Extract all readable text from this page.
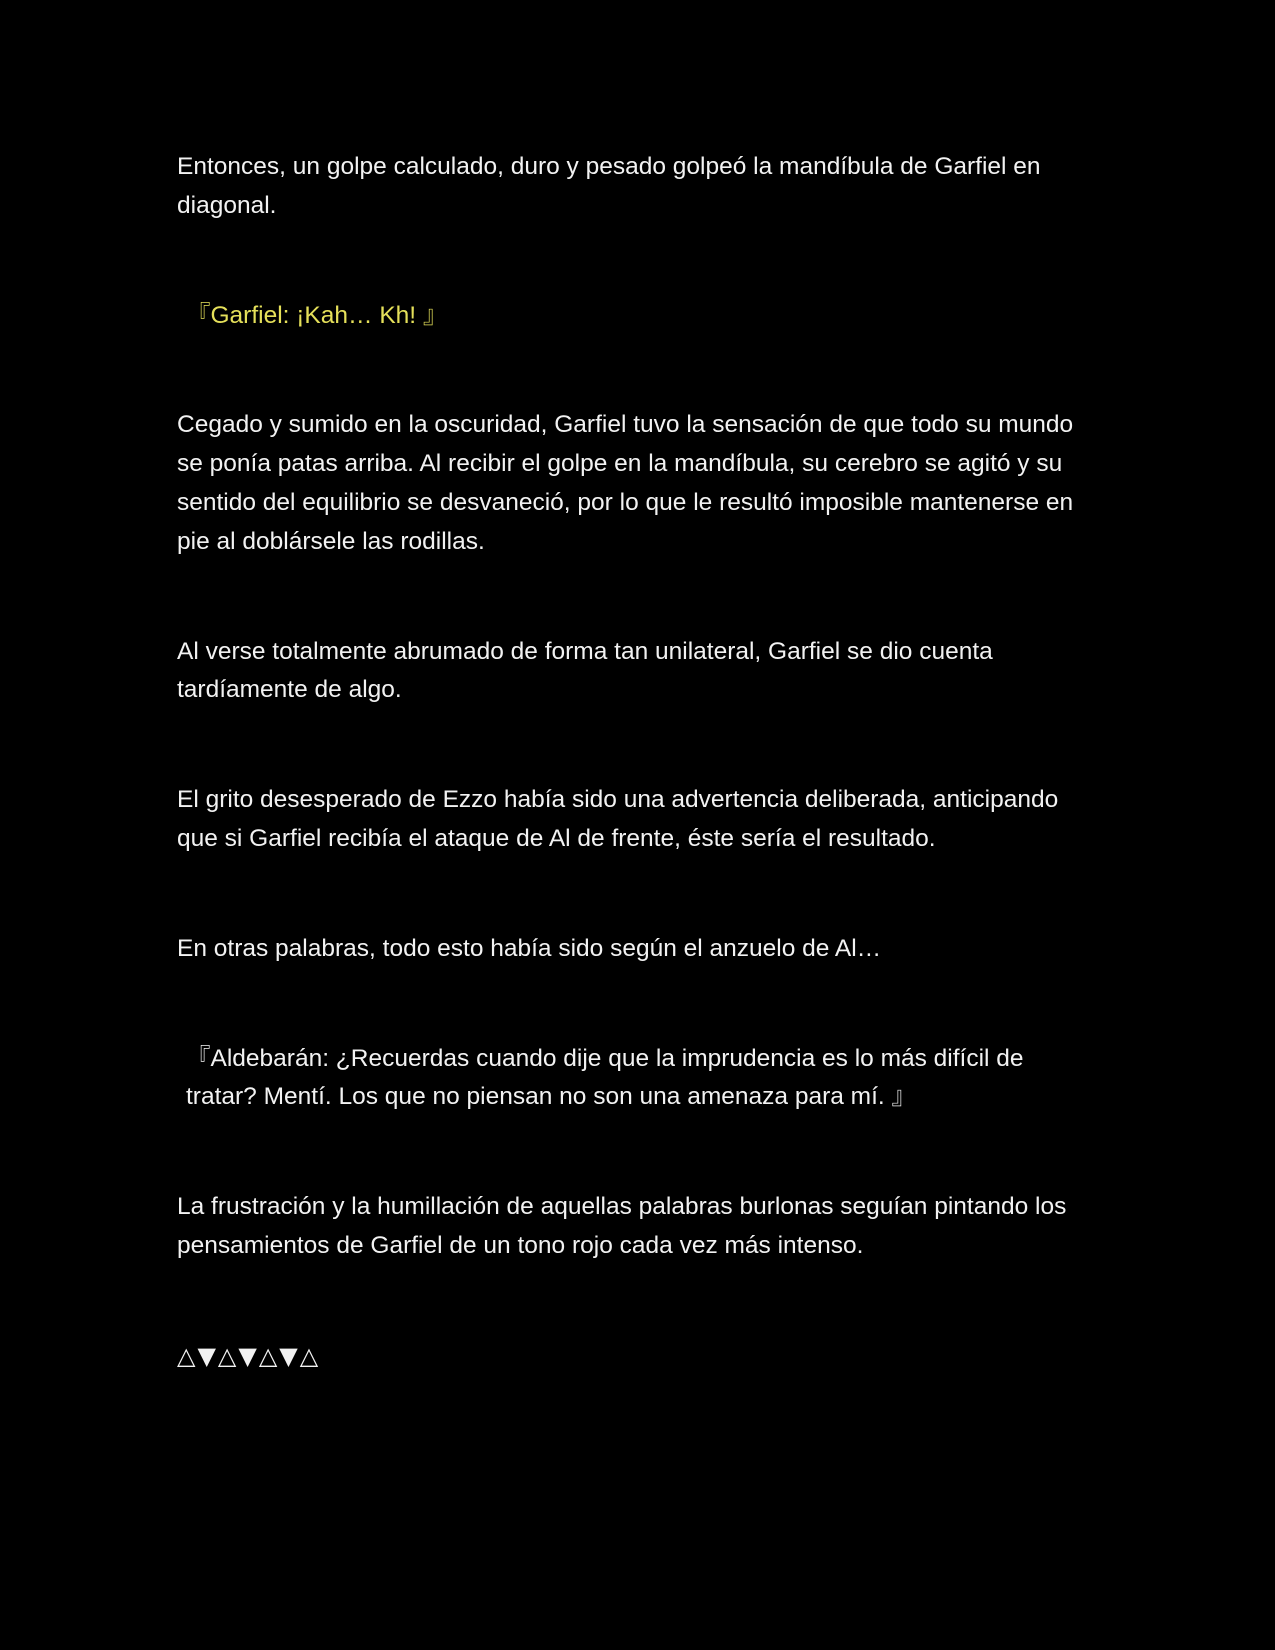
Entonces, un golpe calculado, duro y pesado golpeó la mandíbula de Garfiel en diagonal.

『Garfiel: ¡Kah… Kh! 』

Cegado y sumido en la oscuridad, Garfiel tuvo la sensación de que todo su mundo se ponía patas arriba. Al recibir el golpe en la mandíbula, su cerebro se agitó y su sentido del equilibrio se desvaneció, por lo que le resultó imposible mantenerse en pie al doblársele las rodillas.

Al verse totalmente abrumado de forma tan unilateral, Garfiel se dio cuenta tardíamente de algo.

El grito desesperado de Ezzo había sido una advertencia deliberada, anticipando que si Garfiel recibía el ataque de Al de frente, éste sería el resultado.

En otras palabras, todo esto había sido según el anzuelo de Al…

『Aldebarán: ¿Recuerdas cuando dije que la imprudencia es lo más difícil de tratar? Mentí. Los que no piensan no son una amenaza para mí. 』

La frustración y la humillación de aquellas palabras burlonas seguían pintando los pensamientos de Garfiel de un tono rojo cada vez más intenso.

△▼△▼△▼△
